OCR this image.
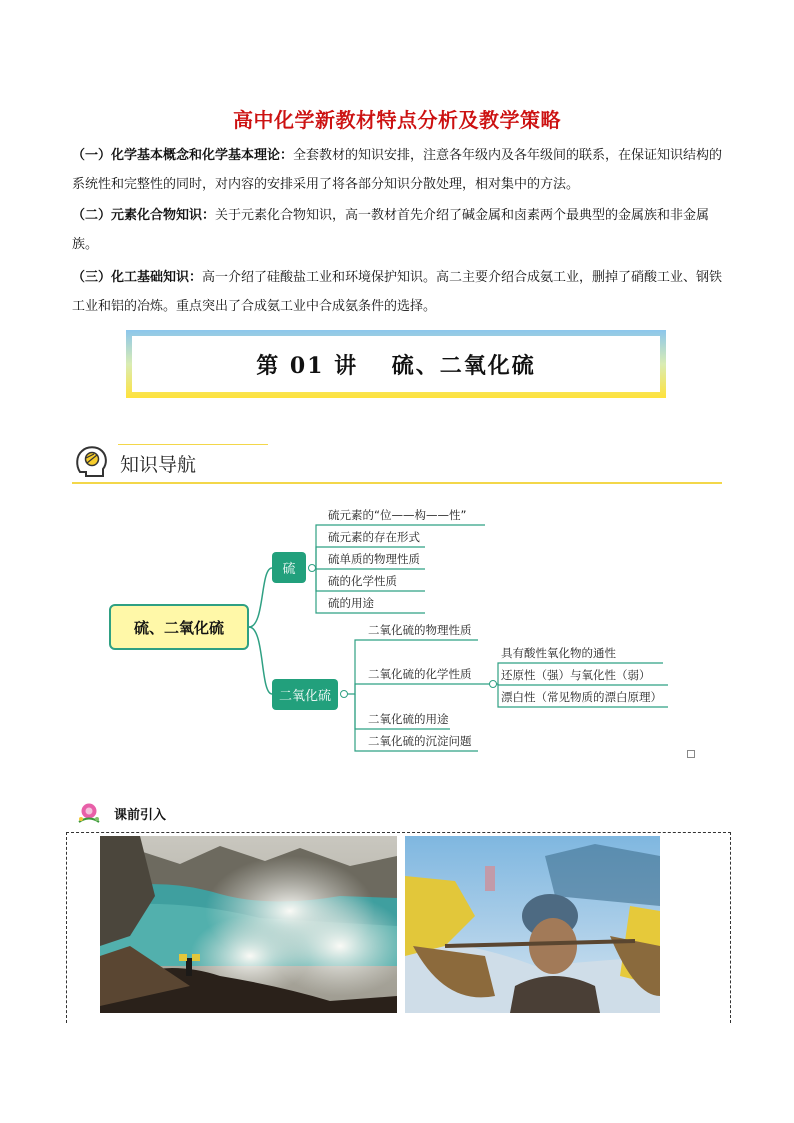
高中化学新教材特点分析及教学策略

（一）化学基本概念和化学基本理论：全套教材的知识安排，注意各年级内及各年级间的联系，在保证知识结构的系统性和完整性的同时，对内容的安排采用了将各部分知识分散处理，相对集中的方法。

（二）元素化合物知识：关于元素化合物知识，高一教材首先介绍了碱金属和卤素两个最典型的金属族和非金属族。

（三）化工基础知识：高一介绍了硅酸盐工业和环境保护知识。高二主要介绍合成氨工业，删掉了硝酸工业、钢铁工业和铝的冶炼。重点突出了合成氨工业中合成氨条件的选择。

第 01 讲　 硫、二氧化硫
知识导航
硫、二氧化硫
硫
二氧化硫
硫元素的“位——构——性”
硫元素的存在形式
硫单质的物理性质
硫的化学性质
硫的用途
二氧化硫的物理性质
二氧化硫的化学性质
二氧化硫的用途
二氧化硫的沉淀问题
具有酸性氧化物的通性
还原性（强）与氧化性（弱）
漂白性（常见物质的漂白原理）
课前引入
